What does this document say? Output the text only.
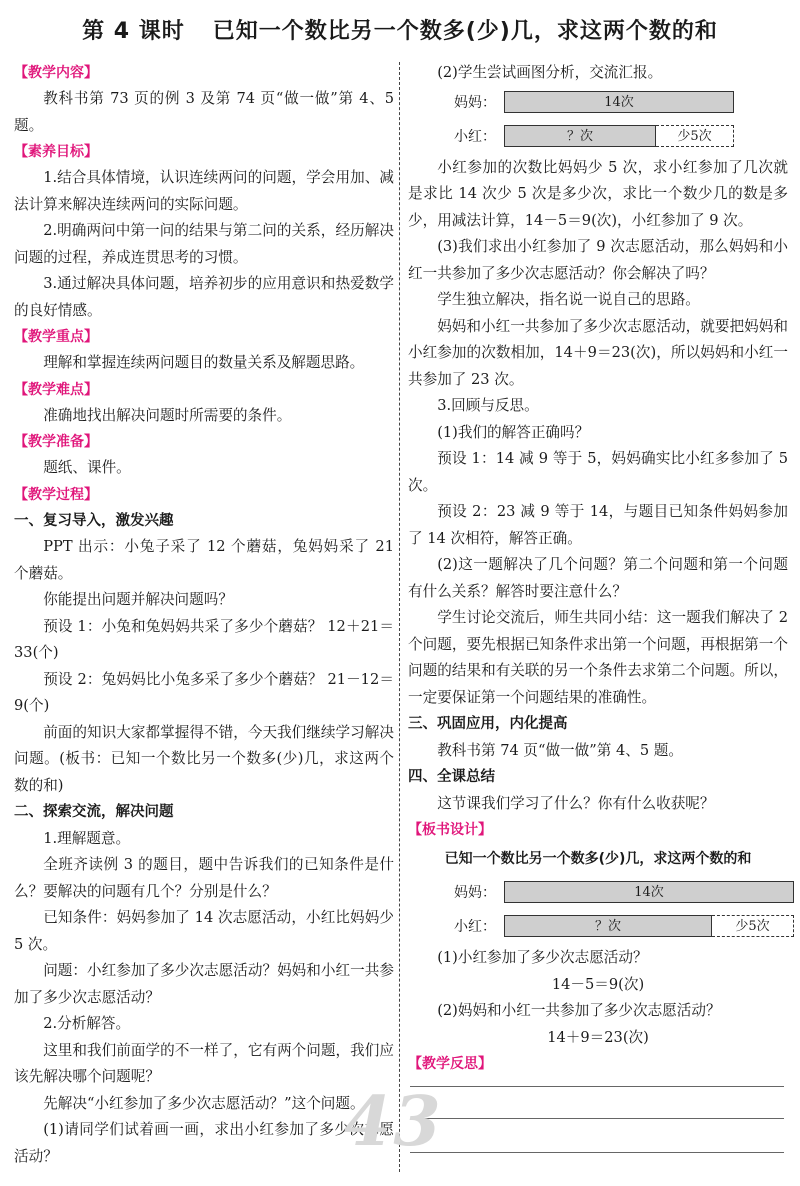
第 4 课时 已知一个数比另一个数多(少)几，求这两个数的和

【教学内容】

教科书第 73 页的例 3 及第 74 页“做一做”第 4、5 题。

【素养目标】

1.结合具体情境，认识连续两问的问题，学会用加、减法计算来解决连续两问的实际问题。

2.明确两问中第一问的结果与第二问的关系，经历解决问题的过程，养成连贯思考的习惯。

3.通过解决具体问题，培养初步的应用意识和热爱数学的良好情感。

【教学重点】

理解和掌握连续两问题目的数量关系及解题思路。

【教学难点】

准确地找出解决问题时所需要的条件。

【教学准备】

题纸、课件。

【教学过程】

一、复习导入，激发兴趣

PPT 出示：小兔子采了 12 个蘑菇，兔妈妈采了 21 个蘑菇。

你能提出问题并解决问题吗？

预设 1：小兔和兔妈妈共采了多少个蘑菇？ 12＋21＝33(个)

预设 2：兔妈妈比小兔多采了多少个蘑菇？ 21－12＝9(个)

前面的知识大家都掌握得不错，今天我们继续学习解决问题。(板书：已知一个数比另一个数多(少)几，求这两个数的和)

二、探索交流，解决问题

1.理解题意。

全班齐读例 3 的题目，题中告诉我们的已知条件是什么？要解决的问题有几个？分别是什么？

已知条件：妈妈参加了 14 次志愿活动，小红比妈妈少 5 次。

问题：小红参加了多少次志愿活动？妈妈和小红一共参加了多少次志愿活动？

2.分析解答。

这里和我们前面学的不一样了，它有两个问题，我们应该先解决哪个问题呢？

先解决“小红参加了多少次志愿活动？”这个问题。

(1)请同学们试着画一画，求出小红参加了多少次志愿活动？

(2)学生尝试画图分析，交流汇报。

妈妈：	14次
小红：	？次	少5次

小红参加的次数比妈妈少 5 次，求小红参加了几次就是求比 14 次少 5 次是多少次，求比一个数少几的数是多少，用减法计算，14－5＝9(次)，小红参加了 9 次。

(3)我们求出小红参加了 9 次志愿活动，那么妈妈和小红一共参加了多少次志愿活动？你会解决了吗？

学生独立解决，指名说一说自己的思路。

妈妈和小红一共参加了多少次志愿活动，就要把妈妈和小红参加的次数相加，14＋9＝23(次)，所以妈妈和小红一共参加了 23 次。

3.回顾与反思。

(1)我们的解答正确吗？

预设 1：14 减 9 等于 5，妈妈确实比小红多参加了 5 次。

预设 2：23 减 9 等于 14，与题目已知条件妈妈参加了 14 次相符，解答正确。

(2)这一题解决了几个问题？第二个问题和第一个问题有什么关系？解答时要注意什么？

学生讨论交流后，师生共同小结：这一题我们解决了 2 个问题，要先根据已知条件求出第一个问题，再根据第一个问题的结果和有关联的另一个条件去求第二个问题。所以，一定要保证第一个问题结果的准确性。

三、巩固应用，内化提高

教科书第 74 页“做一做”第 4、5 题。

四、全课总结

这节课我们学习了什么？你有什么收获呢？

【板书设计】

已知一个数比另一个数多(少)几，求这两个数的和

妈妈：	14次
小红：	？次	少5次

(1)小红参加了多少次志愿活动？

14－5＝9(次)

(2)妈妈和小红一共参加了多少次志愿活动？

14＋9＝23(次)

【教学反思】

43
